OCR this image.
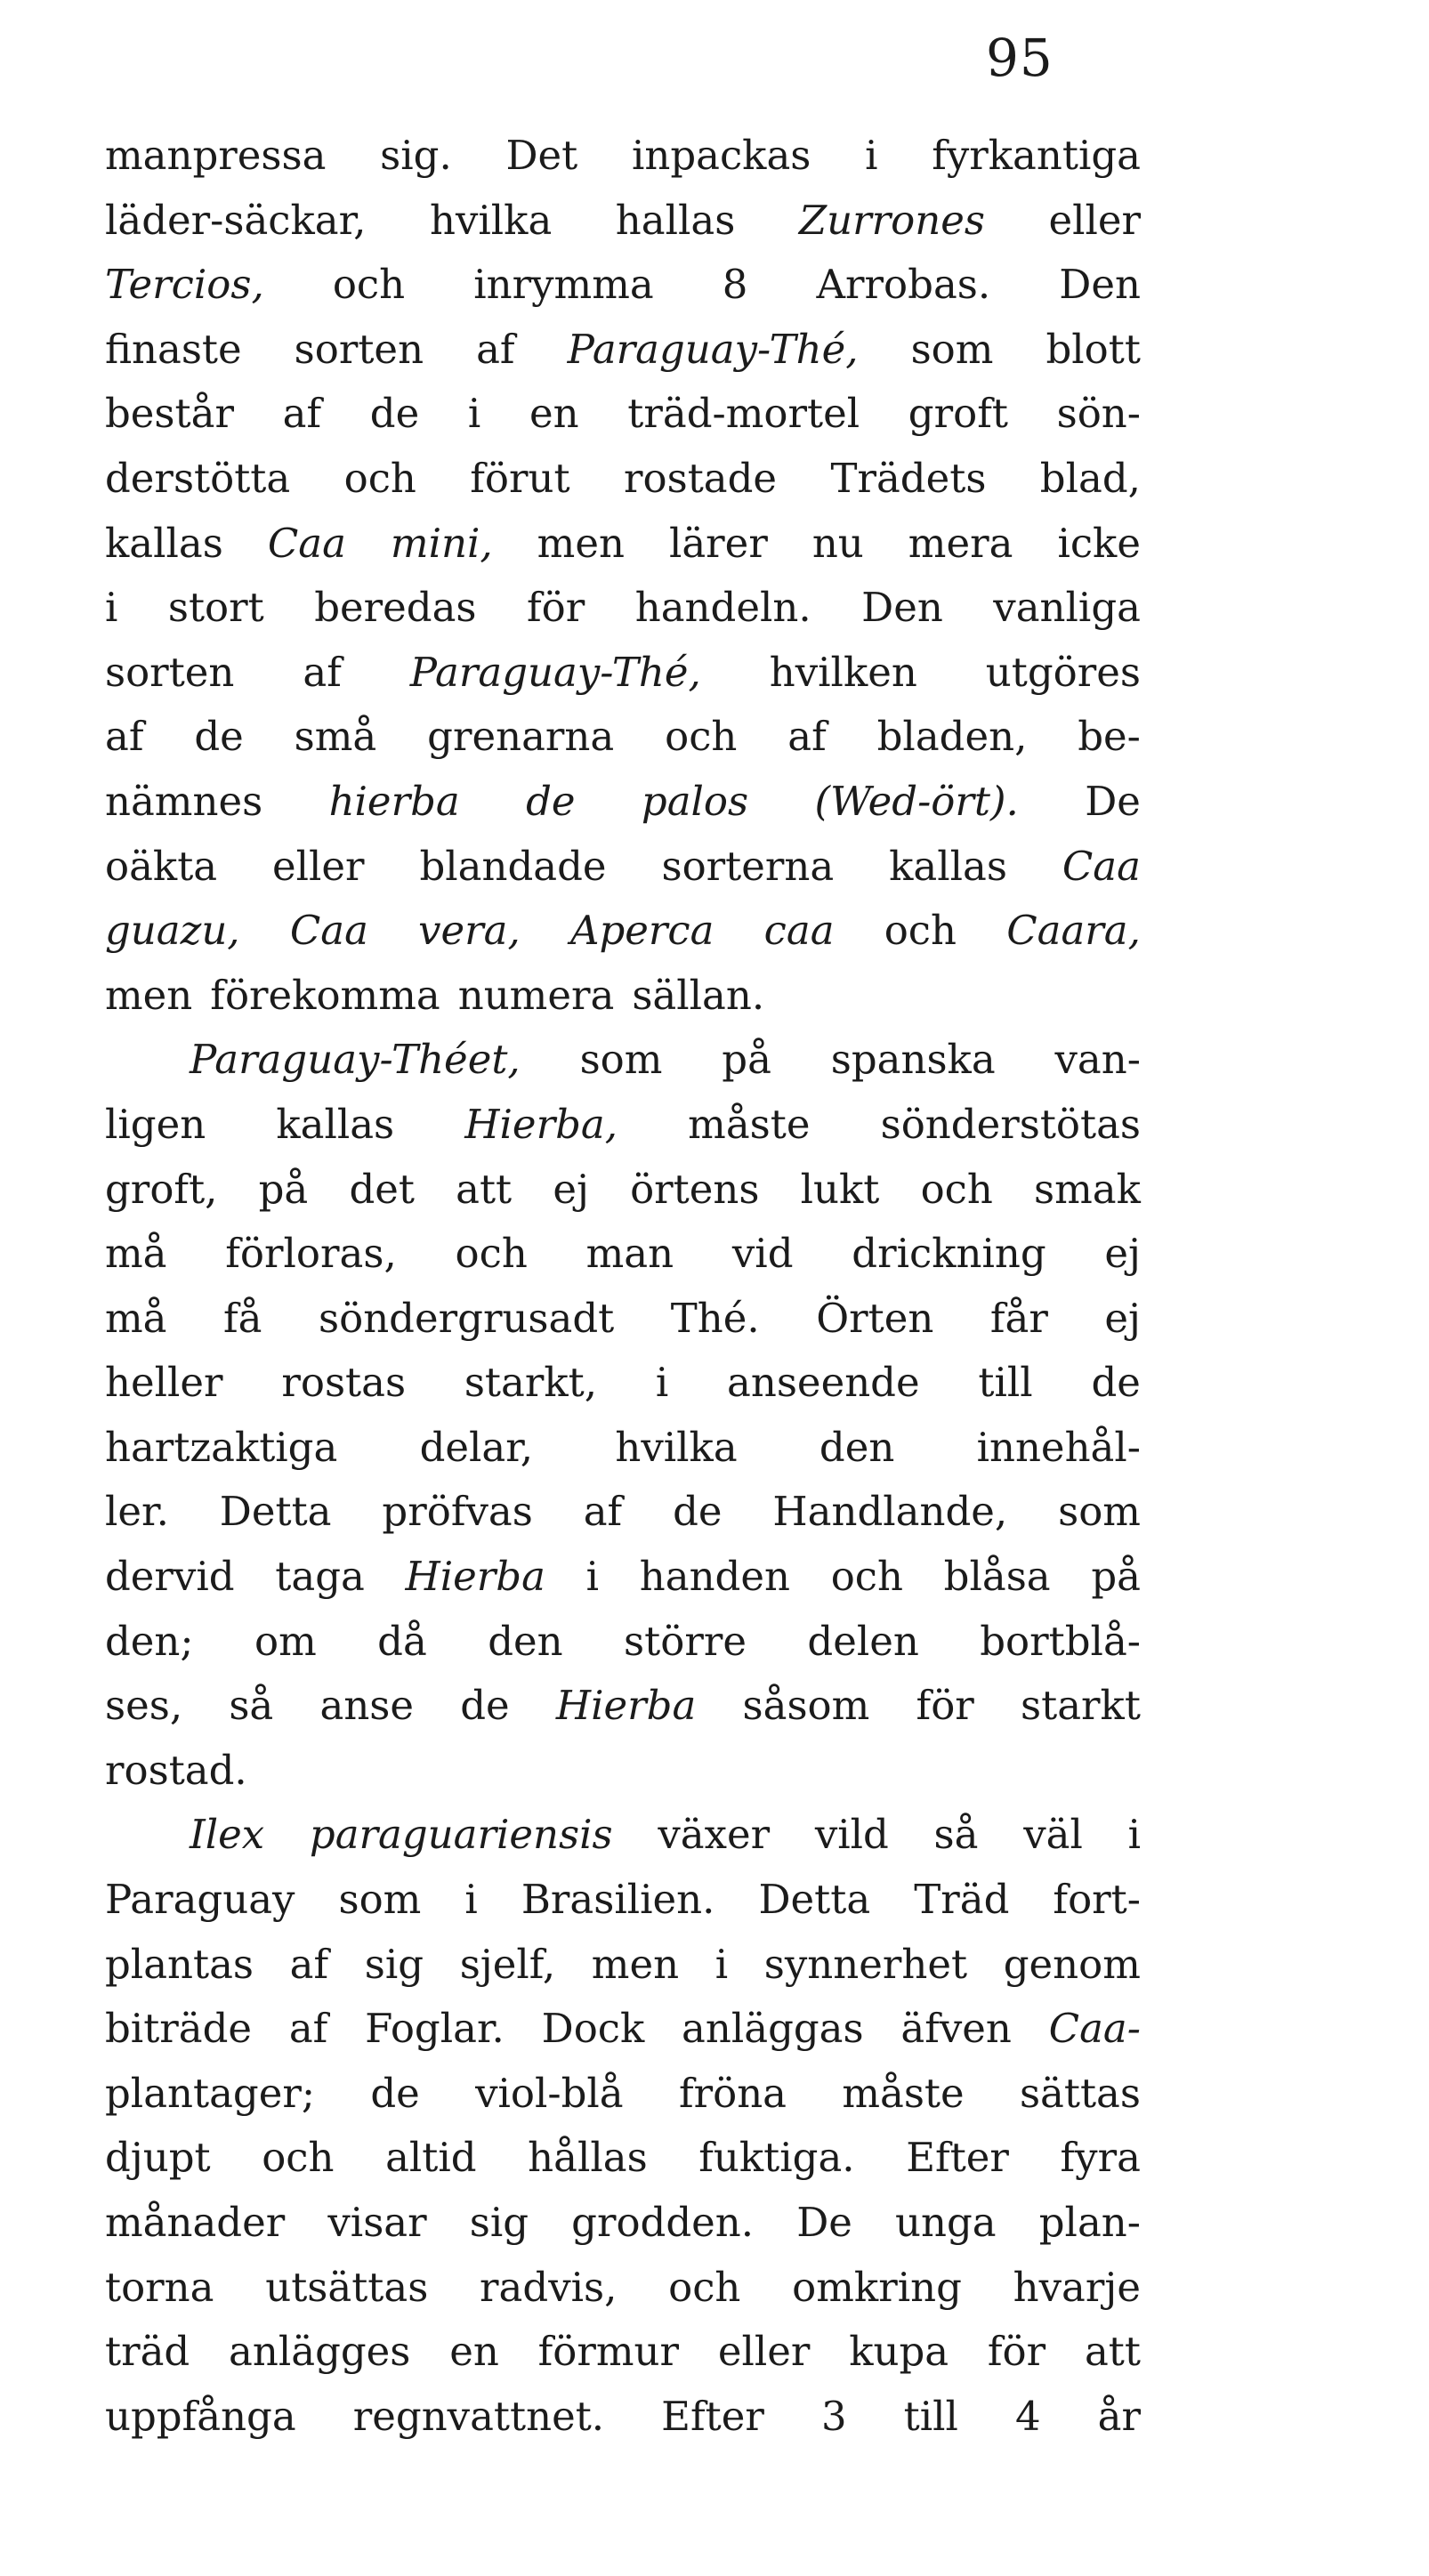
95
manpressa sig. Det inpackas i fyrkantiga
läder-säckar, hvilka hallas Zurrones eller
Tercios, och inrymma 8 Arrobas. Den
finaste sorten af Paraguay-Thé, som blott
består af de i en träd-mortel groft sön-
derstötta och förut rostade Trädets blad,
kallas Caa mini, men lärer nu mera icke
i stort beredas för handeln. Den vanliga
sorten af Paraguay-Thé, hvilken utgöres
af de små grenarna och af bladen, be-
nämnes hierba de palos (Wed-ört). De
oäkta eller blandade sorterna kallas Caa
guazu, Caa vera, Aperca caa och Caara,
men förekomma numera sällan.
Paraguay-Théet, som på spanska van-
ligen kallas Hierba, måste sönderstötas
groft, på det att ej örtens lukt och smak
må förloras, och man vid drickning ej
må få söndergrusadt Thé. Örten får ej
heller rostas starkt, i anseende till de
hartzaktiga delar, hvilka den innehål-
ler. Detta pröfvas af de Handlande, som
dervid taga Hierba i handen och blåsa på
den; om då den större delen bortblå-
ses, så anse de Hierba såsom för starkt
rostad.
Ilex paraguariensis växer vild så väl i
Paraguay som i Brasilien. Detta Träd fort-
plantas af sig sjelf, men i synnerhet genom
biträde af Foglar. Dock anläggas äfven Caa-
plantager; de viol-blå fröna måste sättas
djupt och altid hållas fuktiga. Efter fyra
månader visar sig grodden. De unga plan-
torna utsättas radvis, och omkring hvarje
träd anlägges en förmur eller kupa för att
uppfånga regnvattnet. Efter 3 till 4 år
